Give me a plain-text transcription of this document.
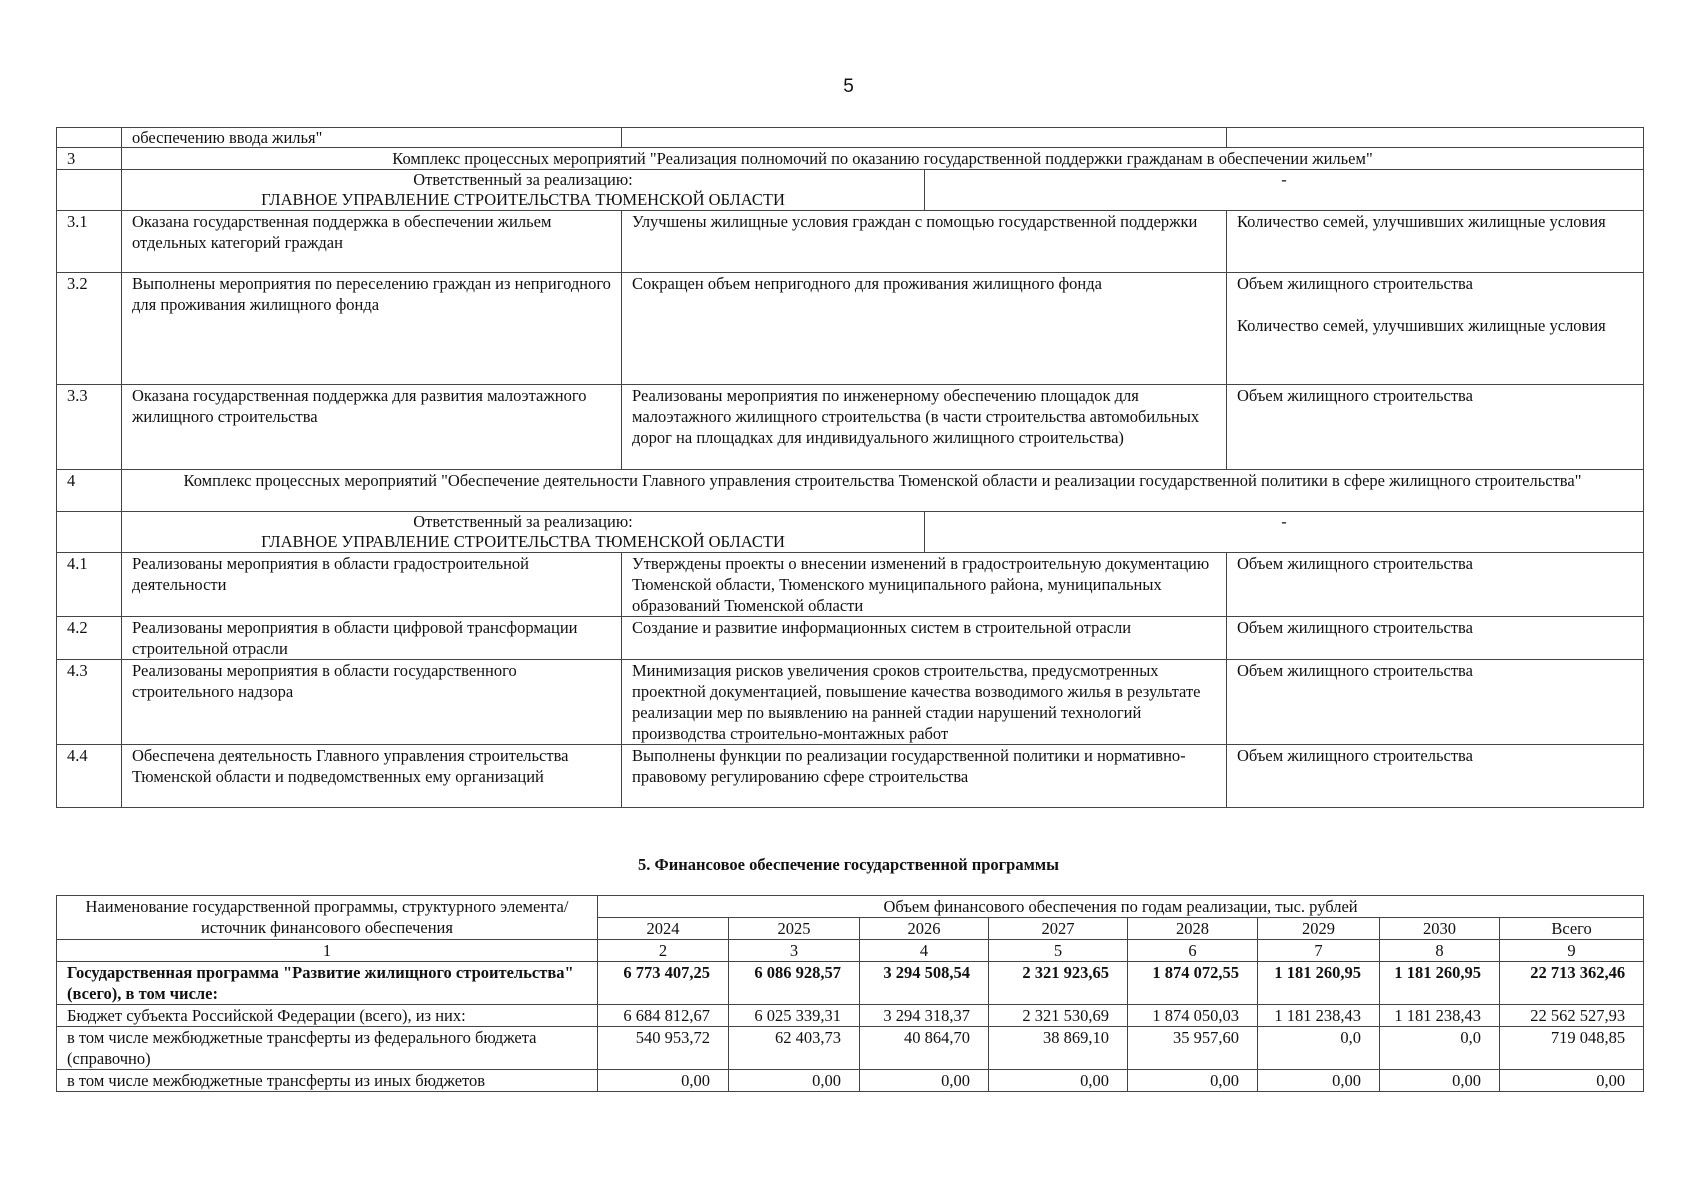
5
	обеспечению ввода жилья"			
3	Комплекс процессных мероприятий "Реализация полномочий по оказанию государственной поддержки гражданам в обеспечении жильем"			

	Ответственный за реализацию:
ГЛАВНОЕ УПРАВЛЕНИЕ СТРОИТЕЛЬСТВА ТЮМЕНСКОЙ ОБЛАСТИ		-	
3.1	Оказана государственная поддержка в обеспечении жильем отдельных категорий граждан	Улучшены жилищные условия граждан с помощью государственной поддержки		Количество семей, улучшивших жилищные условия
3.2	Выполнены мероприятия по переселению граждан из непригодного для проживания жилищного фонда	Сокращен объем непригодного для проживания жилищного фонда		Объем жилищного строительства
Количество семей, улучшивших жилищные условия

3.3	Оказана государственная поддержка для развития малоэтажного жилищного строительства	Реализованы мероприятия по инженерному обеспечению площадок для малоэтажного жилищного строительства (в части строительства автомобильных дорог на площадках для индивидуального жилищного строительства)		Объем жилищного строительства
4	Комплекс процессных мероприятий "Обеспечение деятельности Главного управления строительства Тюменской области и реализации государственной политики в сфере жилищного строительства"			

	Ответственный за реализацию:
ГЛАВНОЕ УПРАВЛЕНИЕ СТРОИТЕЛЬСТВА ТЮМЕНСКОЙ ОБЛАСТИ		-	
4.1	Реализованы мероприятия в области градостроительной деятельности	Утверждены проекты о внесении изменений в градостроительную документацию Тюменской области, Тюменского муниципального района, муниципальных образований Тюменской области		Объем жилищного строительства
4.2	Реализованы мероприятия в области цифровой трансформации строительной отрасли	Создание и развитие информационных систем в строительной отрасли		Объем жилищного строительства
4.3	Реализованы мероприятия в области государственного строительного надзора	Минимизация рисков увеличения сроков строительства, предусмотренных проектной документацией, повышение качества возводимого жилья в результате реализации мер по выявлению на ранней стадии нарушений технологий производства строительно-монтажных работ		Объем жилищного строительства
4.4	Обеспечена деятельность Главного управления строительства Тюменской области и подведомственных ему организаций	Выполнены функции по реализации государственной политики и нормативно-правовому регулированию сфере строительства		Объем жилищного строительства
5. Финансовое обеспечение государственной программы
Наименование государственной программы, структурного элемента/источник финансового обеспечения	Объем финансового обеспечения по годам реализации, тыс. рублей							
	2024	2025	2026	2027	2028	2029	2030	Всего
1	2	3	4	5	6	7	8	9
Государственная программа "Развитие жилищного строительства" (всего), в том числе:	6 773 407,25	6 086 928,57	3 294 508,54	2 321 923,65	1 874 072,55	1 181 260,95	1 181 260,95	22 713 362,46
Бюджет субъекта Российской Федерации (всего), из них:	6 684 812,67	6 025 339,31	3 294 318,37	2 321 530,69	1 874 050,03	1 181 238,43	1 181 238,43	22 562 527,93
в том числе межбюджетные трансферты из федерального бюджета (справочно)	540 953,72	62 403,73	40 864,70	38 869,10	35 957,60	0,0	0,0	719 048,85
в том числе межбюджетные трансферты из иных бюджетов	0,00	0,00	0,00	0,00	0,00	0,00	0,00	0,00
